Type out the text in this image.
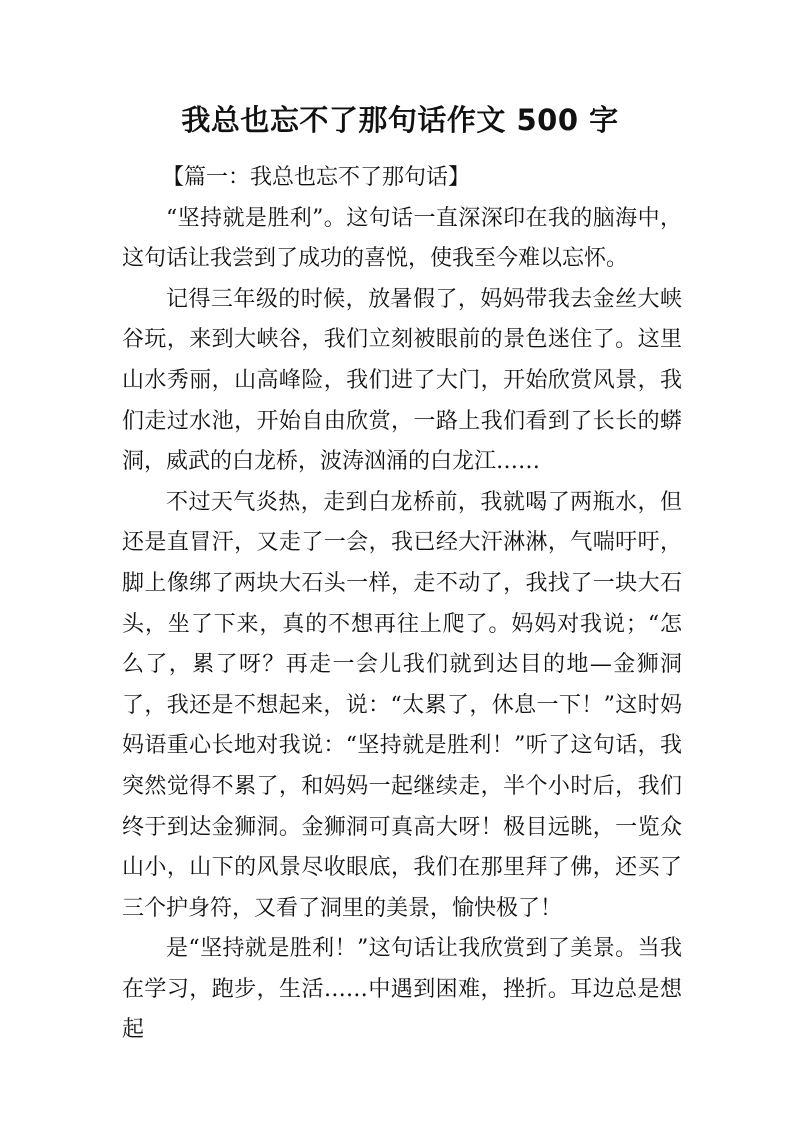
我总也忘不了那句话作文 500 字

【篇一：我总也忘不了那句话】

“坚持就是胜利”。这句话一直深深印在我的脑海中，这句话让我尝到了成功的喜悦，使我至今难以忘怀。

记得三年级的时候，放暑假了，妈妈带我去金丝大峡谷玩，来到大峡谷，我们立刻被眼前的景色迷住了。这里山水秀丽，山高峰险，我们进了大门，开始欣赏风景，我们走过水池，开始自由欣赏，一路上我们看到了长长的蟒洞，威武的白龙桥，波涛汹涌的白龙江……

不过天气炎热，走到白龙桥前，我就喝了两瓶水，但还是直冒汗，又走了一会，我已经大汗淋淋，气喘吁吁，脚上像绑了两块大石头一样，走不动了，我找了一块大石头，坐了下来，真的不想再往上爬了。妈妈对我说；“怎么了，累了呀？再走一会儿我们就到达目的地—金狮洞了，我还是不想起来，说：“太累了，休息一下！”这时妈妈语重心长地对我说：“坚持就是胜利！”听了这句话，我突然觉得不累了，和妈妈一起继续走，半个小时后，我们终于到达金狮洞。金狮洞可真高大呀！极目远眺，一览众山小，山下的风景尽收眼底，我们在那里拜了佛，还买了三个护身符，又看了洞里的美景，愉快极了！

是“坚持就是胜利！”这句话让我欣赏到了美景。当我在学习，跑步，生活……中遇到困难，挫折。耳边总是想起
